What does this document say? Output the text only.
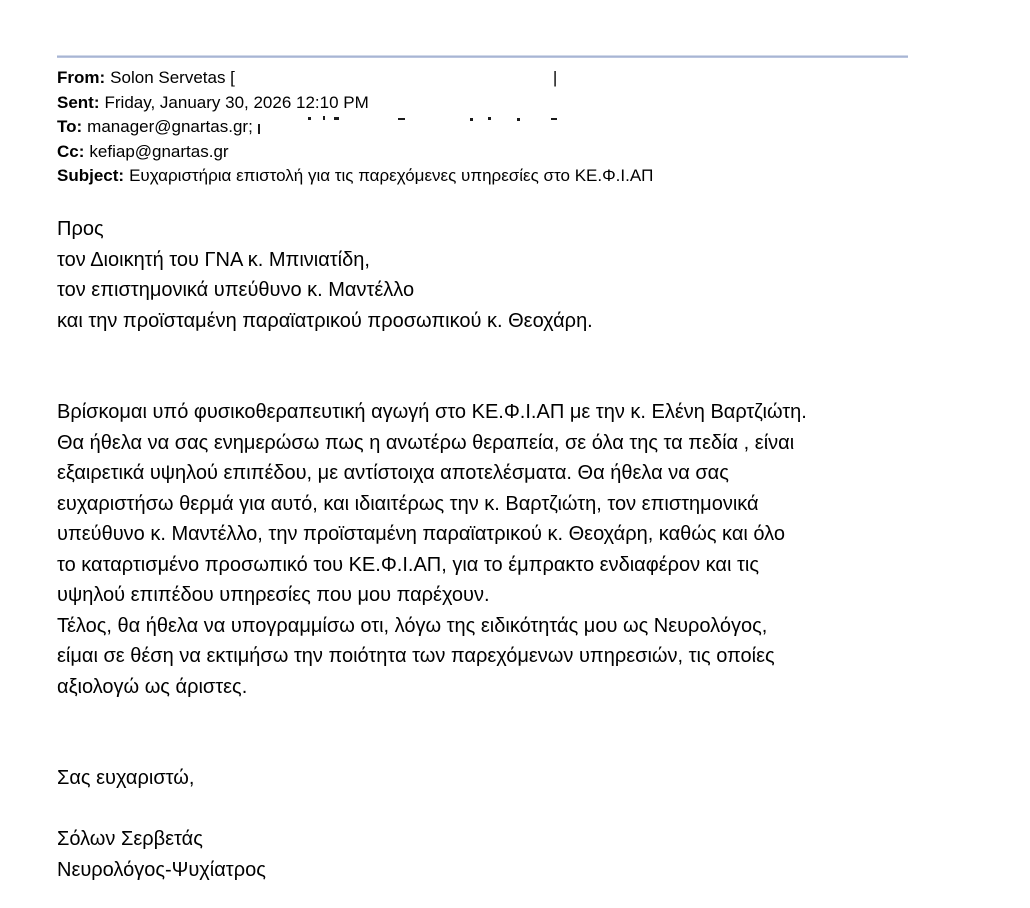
From: Solon Servetas [	|
Sent: Friday, January 30, 2026 12:10 PM
To: manager@gnartas.gr;
Cc: kefiap@gnartas.gr
Subject: Ευχαριστήρια επιστολή για τις παρεχόμενες υπηρεσίες στο ΚΕ.Φ.Ι.ΑΠ
Προς
τον Διοικητή του ΓΝΑ κ. Μπινιατίδη,
τον επιστημονικά υπεύθυνο κ. Μαντέλλο
και την προϊσταμένη παραϊατρικού προσωπικού κ. Θεοχάρη.
Βρίσκομαι υπό φυσικοθεραπευτική αγωγή στο ΚΕ.Φ.Ι.ΑΠ με την κ. Ελένη Βαρτζιώτη.
Θα ήθελα να σας ενημερώσω πως η ανωτέρω θεραπεία, σε όλα της τα πεδία , είναι
εξαιρετικά υψηλού επιπέδου, με αντίστοιχα αποτελέσματα. Θα ήθελα να σας
ευχαριστήσω θερμά για αυτό, και ιδιαιτέρως την κ. Βαρτζιώτη, τον επιστημονικά
υπεύθυνο κ. Μαντέλλο, την προϊσταμένη παραϊατρικού κ. Θεοχάρη, καθώς και όλο
το καταρτισμένο προσωπικό του ΚΕ.Φ.Ι.ΑΠ, για το έμπρακτο ενδιαφέρον και τις
υψηλού επιπέδου υπηρεσίες που μου παρέχουν.
Τέλος, θα ήθελα να υπογραμμίσω οτι, λόγω της ειδικότητάς μου ως Νευρολόγος,
είμαι σε θέση να εκτιμήσω την ποιότητα των παρεχόμενων υπηρεσιών, τις οποίες
αξιολογώ ως άριστες.
Σας ευχαριστώ,
Σόλων Σερβετάς
Νευρολόγος-Ψυχίατρος
